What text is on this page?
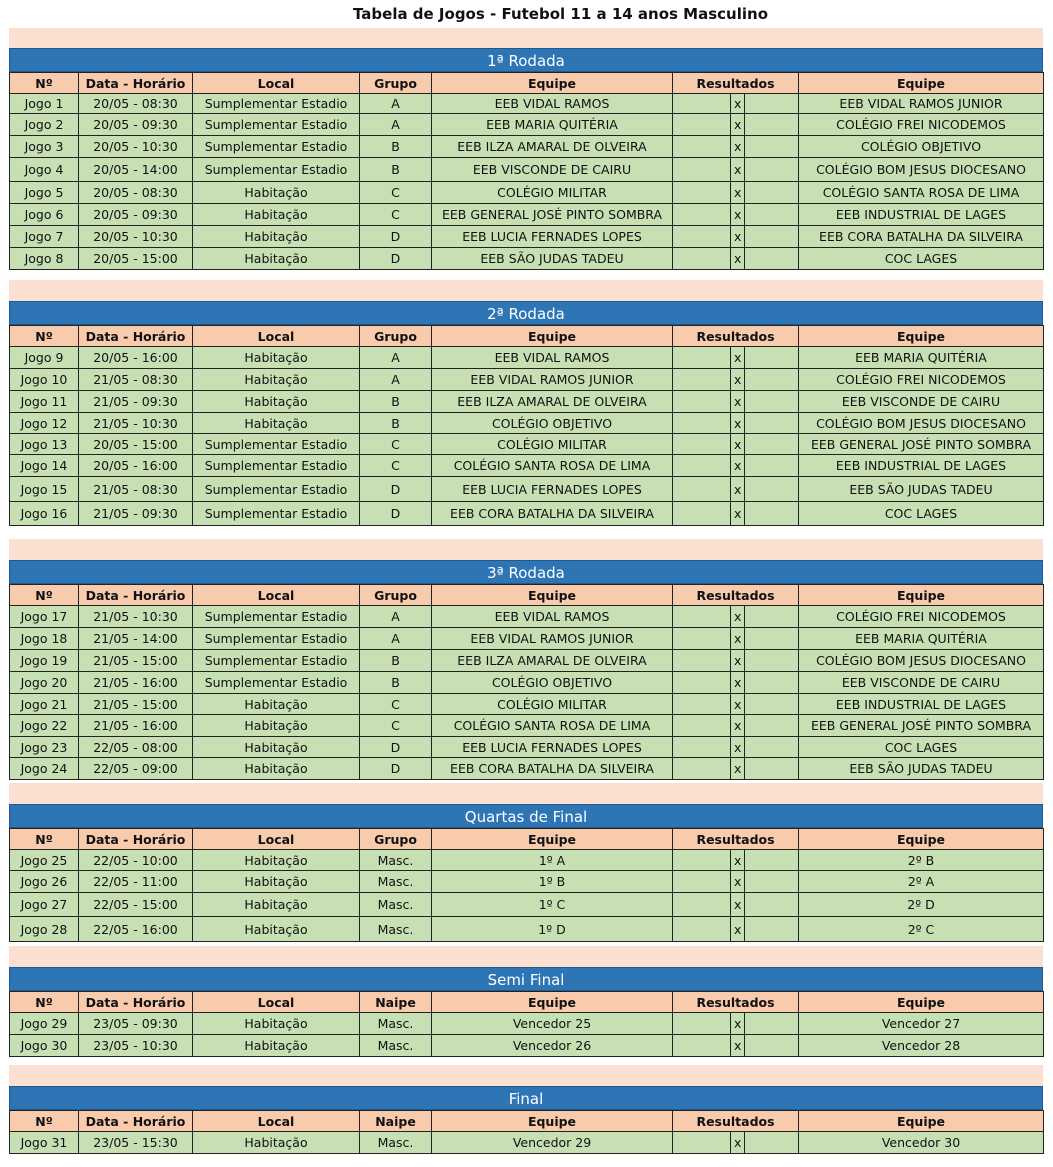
Tabela de Jogos - Futebol 11 a 14 anos Masculino
1ª Rodada
Nº	Data - Horário	Local	Grupo	Equipe	Resultados			Equipe
Jogo 1	20/05 - 08:30	Sumplementar Estadio	A	EEB VIDAL RAMOS		x		EEB VIDAL RAMOS JUNIOR
Jogo 2	20/05 - 09:30	Sumplementar Estadio	A	EEB MARIA QUITÉRIA		x		COLÉGIO FREI NICODEMOS
Jogo 3	20/05 - 10:30	Sumplementar Estadio	B	EEB ILZA AMARAL DE OLVEIRA		x		COLÉGIO OBJETIVO
Jogo 4	20/05 - 14:00	Sumplementar Estadio	B	EEB VISCONDE DE CAIRU		x		COLÉGIO BOM JESUS DIOCESANO
Jogo 5	20/05 - 08:30	Habitação	C	COLÉGIO MILITAR		x		COLÉGIO SANTA ROSA DE LIMA
Jogo 6	20/05 - 09:30	Habitação	C	EEB GENERAL JOSÉ PINTO SOMBRA		x		EEB INDUSTRIAL DE LAGES
Jogo 7	20/05 - 10:30	Habitação	D	EEB LUCIA FERNADES LOPES		x		EEB CORA BATALHA DA SILVEIRA
Jogo 8	20/05 - 15:00	Habitação	D	EEB SÃO JUDAS TADEU		x		COC LAGES
2ª Rodada
Nº	Data - Horário	Local	Grupo	Equipe	Resultados			Equipe
Jogo 9	20/05 - 16:00	Habitação	A	EEB VIDAL RAMOS		x		EEB MARIA QUITÉRIA
Jogo 10	21/05 - 08:30	Habitação	A	EEB VIDAL RAMOS JUNIOR		x		COLÉGIO FREI NICODEMOS
Jogo 11	21/05 - 09:30	Habitação	B	EEB ILZA AMARAL DE OLVEIRA		x		EEB VISCONDE DE CAIRU
Jogo 12	21/05 - 10:30	Habitação	B	COLÉGIO OBJETIVO		x		COLÉGIO BOM JESUS DIOCESANO
Jogo 13	20/05 - 15:00	Sumplementar Estadio	C	COLÉGIO MILITAR		x		EEB GENERAL JOSÉ PINTO SOMBRA
Jogo 14	20/05 - 16:00	Sumplementar Estadio	C	COLÉGIO SANTA ROSA DE LIMA		x		EEB INDUSTRIAL DE LAGES
Jogo 15	21/05 - 08:30	Sumplementar Estadio	D	EEB LUCIA FERNADES LOPES		x		EEB SÃO JUDAS TADEU
Jogo 16	21/05 - 09:30	Sumplementar Estadio	D	EEB CORA BATALHA DA SILVEIRA		x		COC LAGES
3ª Rodada
Nº	Data - Horário	Local	Grupo	Equipe	Resultados			Equipe
Jogo 17	21/05 - 10:30	Sumplementar Estadio	A	EEB VIDAL RAMOS		x		COLÉGIO FREI NICODEMOS
Jogo 18	21/05 - 14:00	Sumplementar Estadio	A	EEB VIDAL RAMOS JUNIOR		x		EEB MARIA QUITÉRIA
Jogo 19	21/05 - 15:00	Sumplementar Estadio	B	EEB ILZA AMARAL DE OLVEIRA		x		COLÉGIO BOM JESUS DIOCESANO
Jogo 20	21/05 - 16:00	Sumplementar Estadio	B	COLÉGIO OBJETIVO		x		EEB VISCONDE DE CAIRU
Jogo 21	21/05 - 15:00	Habitação	C	COLÉGIO MILITAR		x		EEB INDUSTRIAL DE LAGES
Jogo 22	21/05 - 16:00	Habitação	C	COLÉGIO SANTA ROSA DE LIMA		x		EEB GENERAL JOSÉ PINTO SOMBRA
Jogo 23	22/05 - 08:00	Habitação	D	EEB LUCIA FERNADES LOPES		x		COC LAGES
Jogo 24	22/05 - 09:00	Habitação	D	EEB CORA BATALHA DA SILVEIRA		x		EEB SÃO JUDAS TADEU
Quartas de Final
Nº	Data - Horário	Local	Grupo	Equipe	Resultados			Equipe
Jogo 25	22/05 - 10:00	Habitação	Masc.	1º A		x		2º B
Jogo 26	22/05 - 11:00	Habitação	Masc.	1º B		x		2º A
Jogo 27	22/05 - 15:00	Habitação	Masc.	1º C		x		2º D
Jogo 28	22/05 - 16:00	Habitação	Masc.	1º D		x		2º C
Semi Final
Nº	Data - Horário	Local	Naipe	Equipe	Resultados			Equipe
Jogo 29	23/05 - 09:30	Habitação	Masc.	Vencedor 25		x		Vencedor 27
Jogo 30	23/05 - 10:30	Habitação	Masc.	Vencedor 26		x		Vencedor 28
Final
Nº	Data - Horário	Local	Naipe	Equipe	Resultados			Equipe
Jogo 31	23/05 - 15:30	Habitação	Masc.	Vencedor 29		x		Vencedor 30
